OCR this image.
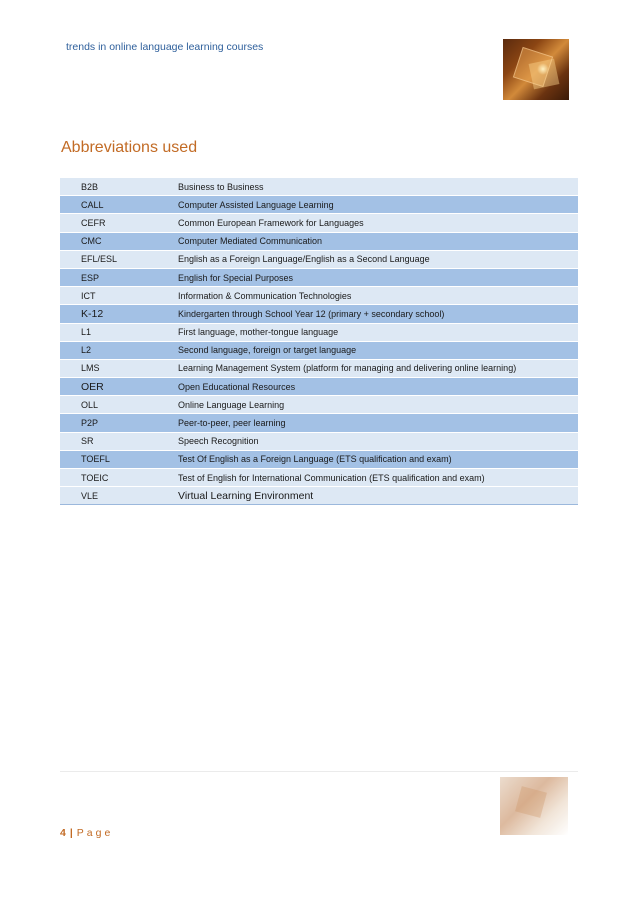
trends in online language learning courses
Abbreviations used
B2B	Business to Business
CALL	Computer Assisted Language Learning
CEFR	Common European Framework for Languages
CMC	Computer Mediated Communication
EFL/ESL	English as a Foreign Language/English as a Second Language
ESP	English for Special Purposes
ICT	Information & Communication Technologies
K-12	Kindergarten through School Year 12 (primary + secondary school)
L1	First language, mother-tongue language
L2	Second language, foreign or target language
LMS	Learning Management System (platform for managing and delivering online learning)
OER	Open Educational Resources
OLL	Online Language Learning
P2P	Peer-to-peer, peer learning
SR	Speech Recognition
TOEFL	Test Of English as a Foreign Language (ETS qualification and exam)
TOEIC	Test of English for International Communication (ETS qualification and exam)
VLE	Virtual Learning Environment
4 | Page
